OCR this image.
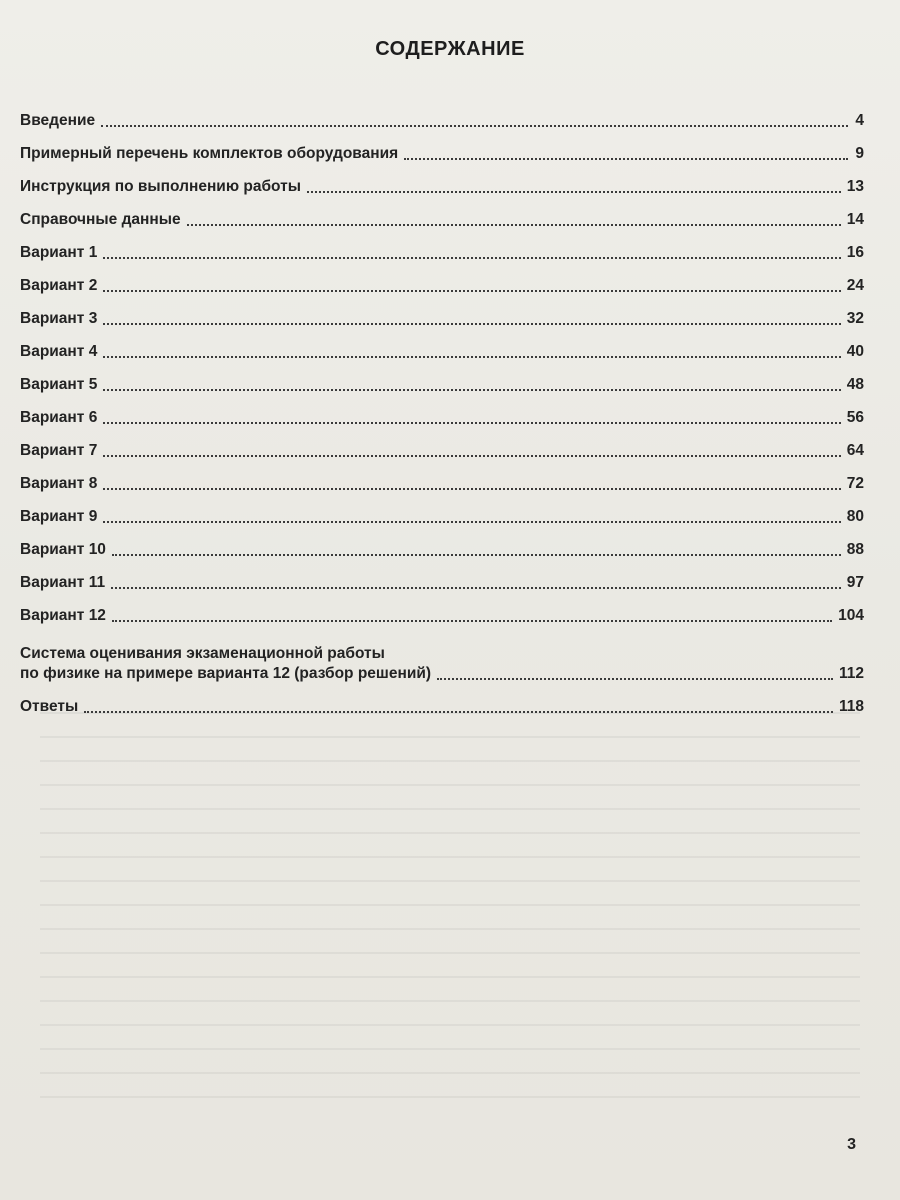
СОДЕРЖАНИЕ
Введение	4
Примерный перечень комплектов оборудования	9
Инструкция по выполнению работы	13
Справочные данные	14
Вариант 1	16
Вариант 2	24
Вариант 3	32
Вариант 4	40
Вариант 5	48
Вариант 6	56
Вариант 7	64
Вариант 8	72
Вариант 9	80
Вариант 10	88
Вариант 11	97
Вариант 12	104
Система оценивания экзаменационной работы
по физике на примере варианта 12 (разбор решений)	112
Ответы	118
3
